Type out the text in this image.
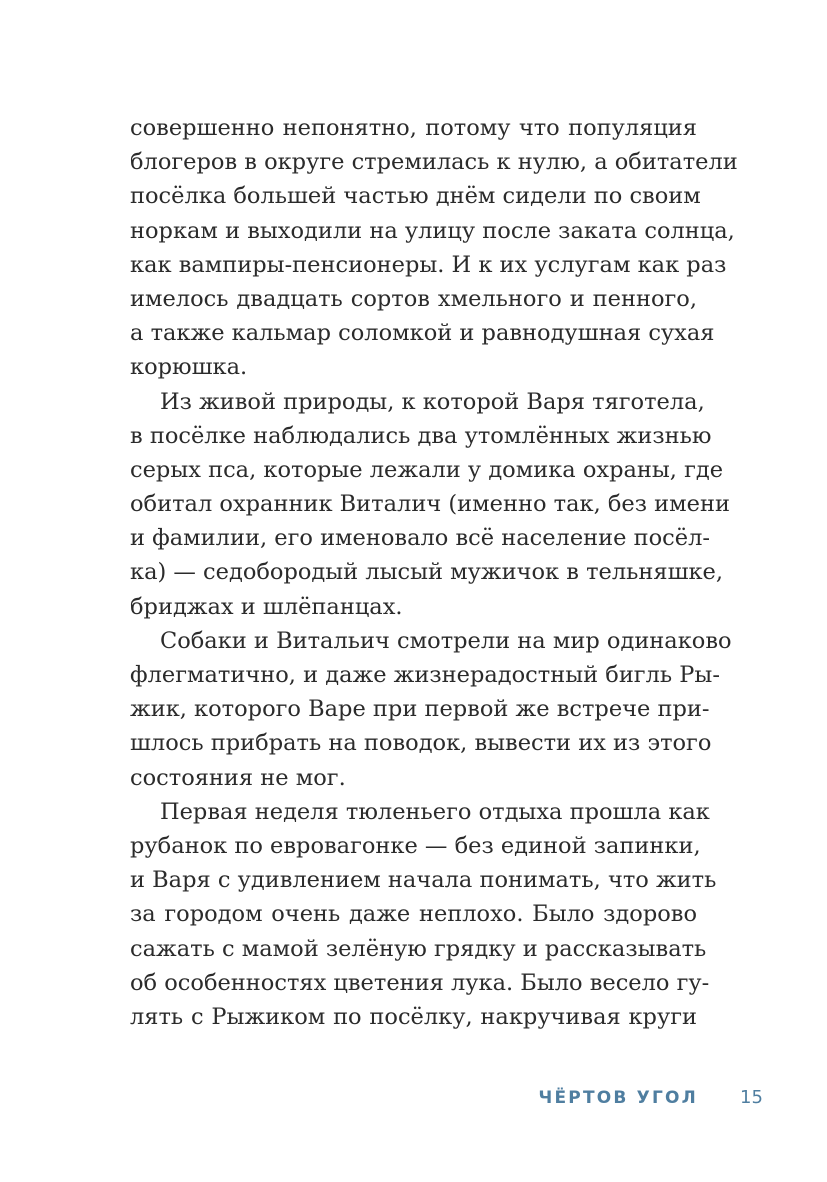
совершенно непонятно, потому что популяция
блогеров в округе стремилась к нулю, а обитатели
посёлка большей частью днём сидели по своим
норкам и выходили на улицу после заката солнца,
как вампиры-пенсионеры. И к их услугам как раз
имелось двадцать сортов хмельного и пенного,
а также кальмар соломкой и равнодушная сухая
корюшка.
Из живой природы, к которой Варя тяготела,
в посёлке наблюдались два утомлённых жизнью
серых пса, которые лежали у домика охраны, где
обитал охранник Виталич (именно так, без имени
и фамилии, его именовало всё население посёл-
ка) — седобородый лысый мужичок в тельняшке,
бриджах и шлёпанцах.
Собаки и Витальич смотрели на мир одинаково
флегматично, и даже жизнерадостный бигль Ры-
жик, которого Варе при первой же встрече при-
шлось прибрать на поводок, вывести их из этого
состояния не мог.
Первая неделя тюленьего отдыха прошла как
рубанок по евровагонке — без единой запинки,
и Варя с удивлением начала понимать, что жить
за городом очень даже неплохо. Было здорово
сажать с мамой зелёную грядку и рассказывать
об особенностях цветения лука. Было весело гу-
лять с Рыжиком по посёлку, накручивая круги
ЧЁРТОВ УГОЛ 15
